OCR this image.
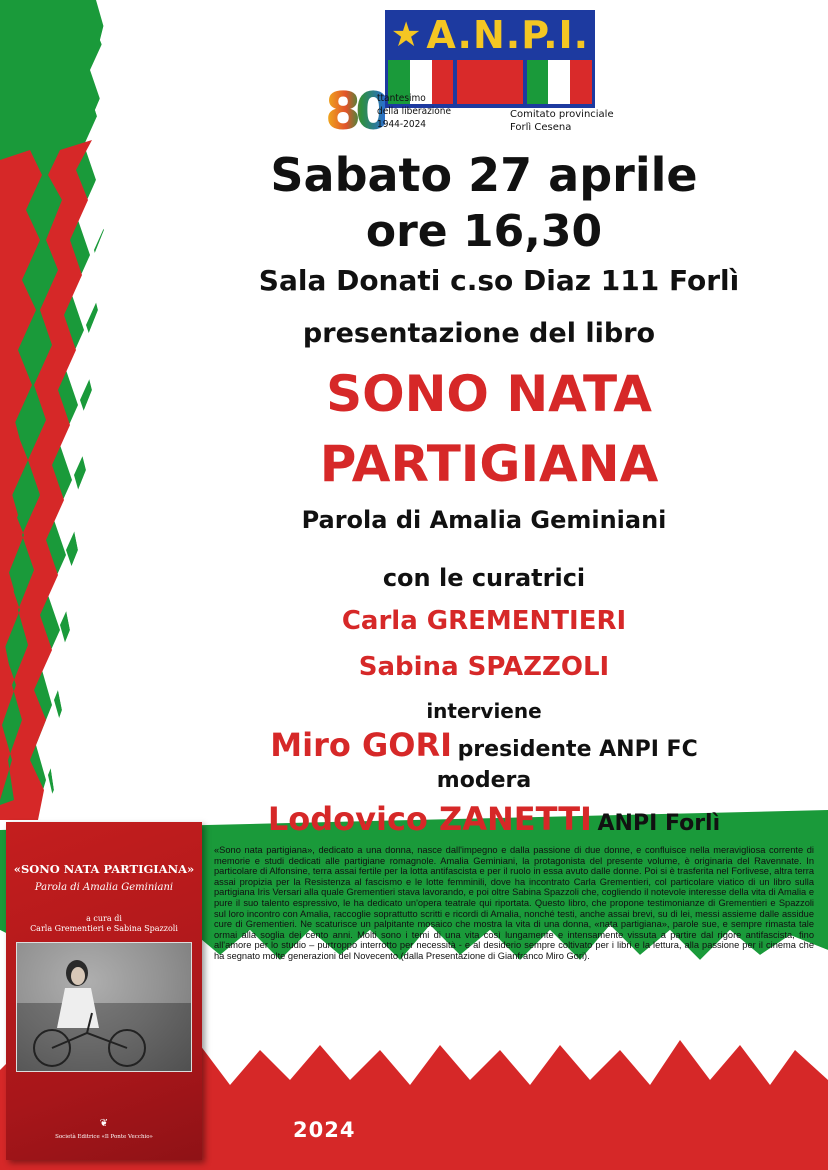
★ A.N.P.I.
80
ttantesimo
della liberazione
1944-2024
Comitato provinciale
Forlì Cesena
Sabato 27 aprile
ore 16,30
Sala Donati c.so Diaz 111 Forlì
presentazione del libro
SONO NATA
PARTIGIANA
Parola di Amalia Geminiani
con le curatrici
Carla GREMENTIERI
Sabina SPAZZOLI
interviene
Miro GORI presidente ANPI FC
modera
Lodovico ZANETTI ANPI Forlì
«SONO NATA PARTIGIANA»
Parola di Amalia Geminiani
a cura di
Carla Grementieri e Sabina Spazzoli
❦
Società Editrice «Il Ponte Vecchio»
«Sono nata partigiana», dedicato a una donna, nasce dall'impegno e dalla passione di due donne, e confluisce nella meravigliosa corrente di memorie e studi dedicati alle partigiane romagnole. Amalia Geminiani, la protagonista del presente volume, è originaria del Ravennate. In particolare di Alfonsine, terra assai fertile per la lotta antifascista e per il ruolo in essa avuto dalle donne. Poi si è trasferita nel Forlivese, altra terra assai propizia per la Resistenza al fascismo e le lotte femminili, dove ha incontrato Carla Grementieri, col particolare viatico di un libro sulla partigiana Iris Versari alla quale Grementieri stava lavorando, e poi oltre Sabina Spazzoli che, cogliendo il notevole interesse della vita di Amalia e pure il suo talento espressivo, le ha dedicato un'opera teatrale qui riportata. Questo libro, che propone testimonianze di Grementieri e Spazzoli sul loro incontro con Amalia, raccoglie soprattutto scritti e ricordi di Amalia, nonché testi, anche assai brevi, su di lei, messi assieme dalle assidue cure di Grementieri. Ne scaturisce un palpitante mosaico che mostra la vita di una donna, «nata partigiana», parole sue, e sempre rimasta tale ormai alla soglia dei cento anni. Molti sono i temi di una vita così lungamente e intensamente vissuta a partire dal rigore antifascista, fino all'amore per lo studio – purtroppo interrotto per necessità - e al desiderio sempre coltivato per i libri e la lettura, alla passione per il cinema che ha segnato molte generazioni del Novecento (dalla Presentazione di Gianfranco Miro Gori).
2024
